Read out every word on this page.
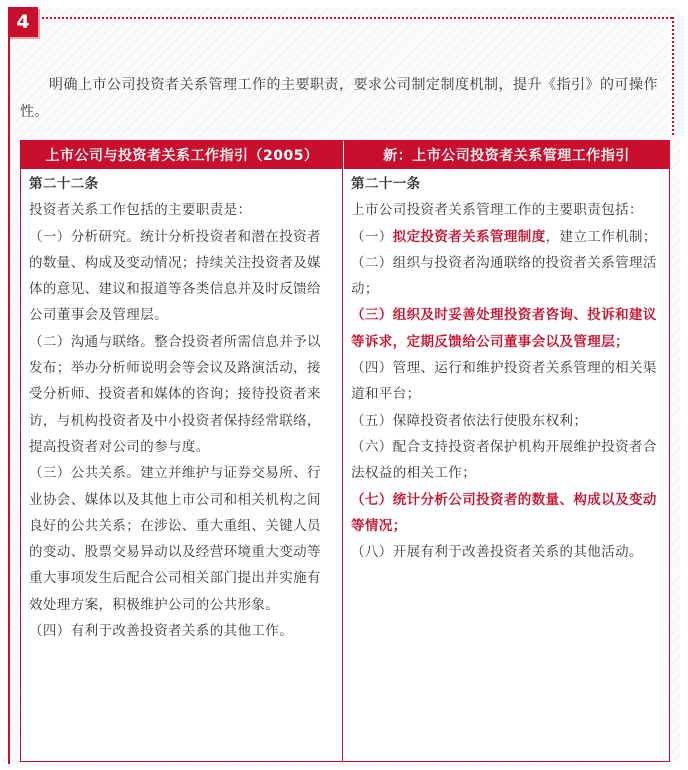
4

明确上市公司投资者关系管理工作的主要职责，要求公司制定制度机制，提升《指引》的可操作性。

上市公司与投资者关系工作指引（2005）	新：上市公司投资者关系管理工作指引

第二十二条

投资者关系工作包括的主要职责是：

（一）分析研究。统计分析投资者和潜在投资者的数量、构成及变动情况；持续关注投资者及媒体的意见、建议和报道等各类信息并及时反馈给公司董事会及管理层。

（二）沟通与联络。整合投资者所需信息并予以发布；举办分析师说明会等会议及路演活动，接受分析师、投资者和媒体的咨询；接待投资者来访，与机构投资者及中小投资者保持经常联络，提高投资者对公司的参与度。

（三）公共关系。建立并维护与证券交易所、行业协会、媒体以及其他上市公司和相关机构之间良好的公共关系；在涉讼、重大重组、关键人员的变动、股票交易异动以及经营环境重大变动等重大事项发生后配合公司相关部门提出并实施有效处理方案，积极维护公司的公共形象。

（四）有利于改善投资者关系的其他工作。

第二十一条

上市公司投资者关系管理工作的主要职责包括：

（一）拟定投资者关系管理制度，建立工作机制；

（二）组织与投资者沟通联络的投资者关系管理活动；

（三）组织及时妥善处理投资者咨询、投诉和建议等诉求，定期反馈给公司董事会以及管理层；

（四）管理、运行和维护投资者关系管理的相关渠道和平台；

（五）保障投资者依法行使股东权利；

（六）配合支持投资者保护机构开展维护投资者合法权益的相关工作；

（七）统计分析公司投资者的数量、构成以及变动等情况；

（八）开展有利于改善投资者关系的其他活动。
